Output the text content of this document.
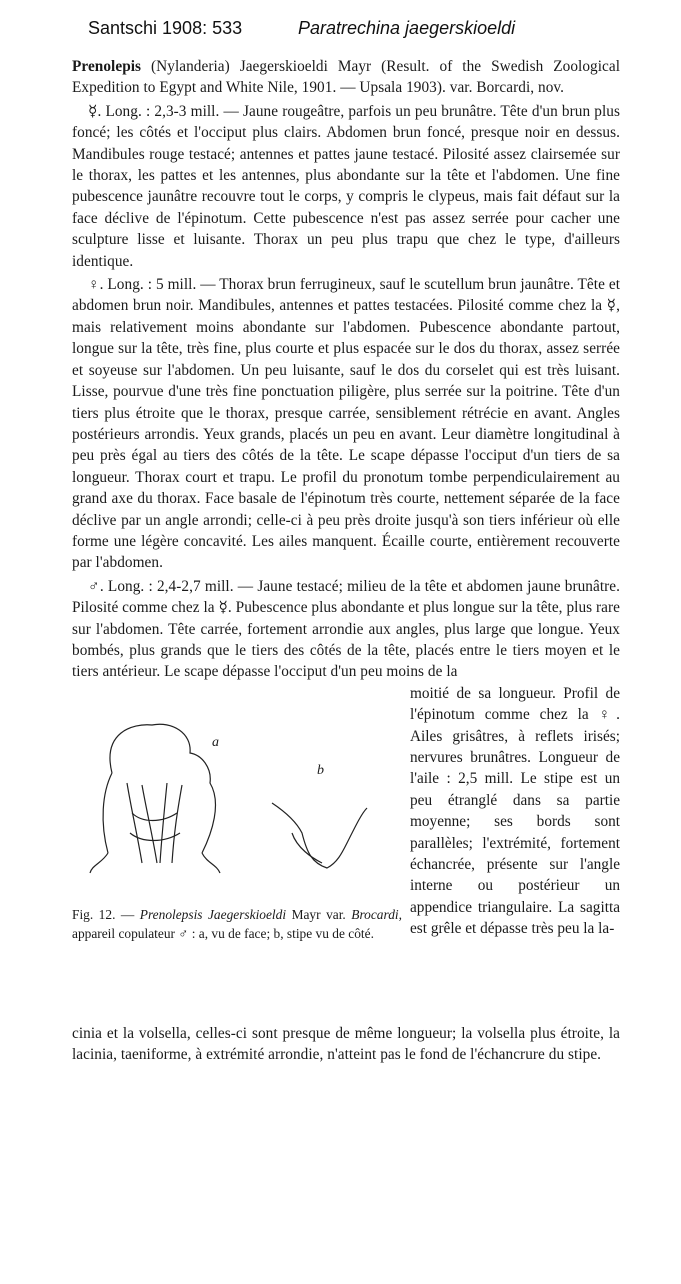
Santschi 1908: 533	Paratrechina jaegerskioeldi

Prenolepis (Nylanderia) Jaegerskioeldi Mayr (Result. of the Swedish Zoological Expedition to Egypt and White Nile, 1901. — Upsala 1903). var. Borcardi, nov.

☿. Long. : 2,3-3 mill. — Jaune rougeâtre, parfois un peu brunâtre. Tête d'un brun plus foncé; les côtés et l'occiput plus clairs. Abdomen brun foncé, presque noir en dessus. Mandibules rouge testacé; antennes et pattes jaune testacé. Pilosité assez clairsemée sur le thorax, les pattes et les antennes, plus abondante sur la tête et l'abdomen. Une fine pubescence jaunâtre recouvre tout le corps, y compris le clypeus, mais fait défaut sur la face déclive de l'épinotum. Cette pubescence n'est pas assez serrée pour cacher une sculpture lisse et luisante. Thorax un peu plus trapu que chez le type, d'ailleurs identique.

♀. Long. : 5 mill. — Thorax brun ferrugineux, sauf le scutellum brun jaunâtre. Tête et abdomen brun noir. Mandibules, antennes et pattes testacées. Pilosité comme chez la ☿, mais relativement moins abondante sur l'abdomen. Pubescence abondante partout, longue sur la tête, très fine, plus courte et plus espacée sur le dos du thorax, assez serrée et soyeuse sur l'abdomen. Un peu luisante, sauf le dos du corselet qui est très luisant. Lisse, pourvue d'une très fine ponctuation piligère, plus serrée sur la poitrine. Tête d'un tiers plus étroite que le thorax, presque carrée, sensiblement rétrécie en avant. Angles postérieurs arrondis. Yeux grands, placés un peu en avant. Leur diamètre longitudinal à peu près égal au tiers des côtés de la tête. Le scape dépasse l'occiput d'un tiers de sa longueur. Thorax court et trapu. Le profil du pronotum tombe perpendiculairement au grand axe du thorax. Face basale de l'épinotum très courte, nettement séparée de la face déclive par un angle arrondi; celle-ci à peu près droite jusqu'à son tiers inférieur où elle forme une légère concavité. Les ailes manquent. Écaille courte, entièrement recouverte par l'abdomen.

♂. Long. : 2,4-2,7 mill. — Jaune testacé; milieu de la tête et abdomen jaune brunâtre. Pilosité comme chez la ☿. Pubescence plus abondante et plus longue sur la tête, plus rare sur l'abdomen. Tête carrée, fortement arrondie aux angles, plus large que longue. Yeux bombés, plus grands que le tiers des côtés de la tête, placés entre le tiers moyen et le tiers antérieur. Le scape dépasse l'occiput d'un peu moins de la

a
b
Fig. 12. — Prenolepsis Jaegerskioeldi Mayr var. Brocardi, appareil copulateur ♂ : a, vu de face; b, stipe vu de côté.
moitié de sa longueur. Profil de l'épinotum comme chez la ♀. Ailes grisâtres, à reflets irisés; nervures brunâtres. Longueur de l'aile : 2,5 mill. Le stipe est un peu étranglé dans sa partie moyenne; ses bords sont parallèles; l'extrémité, fortement échancrée, présente sur l'angle interne ou postérieur un appendice triangulaire. La sagitta est grêle et dépasse très peu la la-

cinia et la volsella, celles-ci sont presque de même longueur; la volsella plus étroite, la lacinia, taeniforme, à extrémité arrondie, n'atteint pas le fond de l'échancrure du stipe.
